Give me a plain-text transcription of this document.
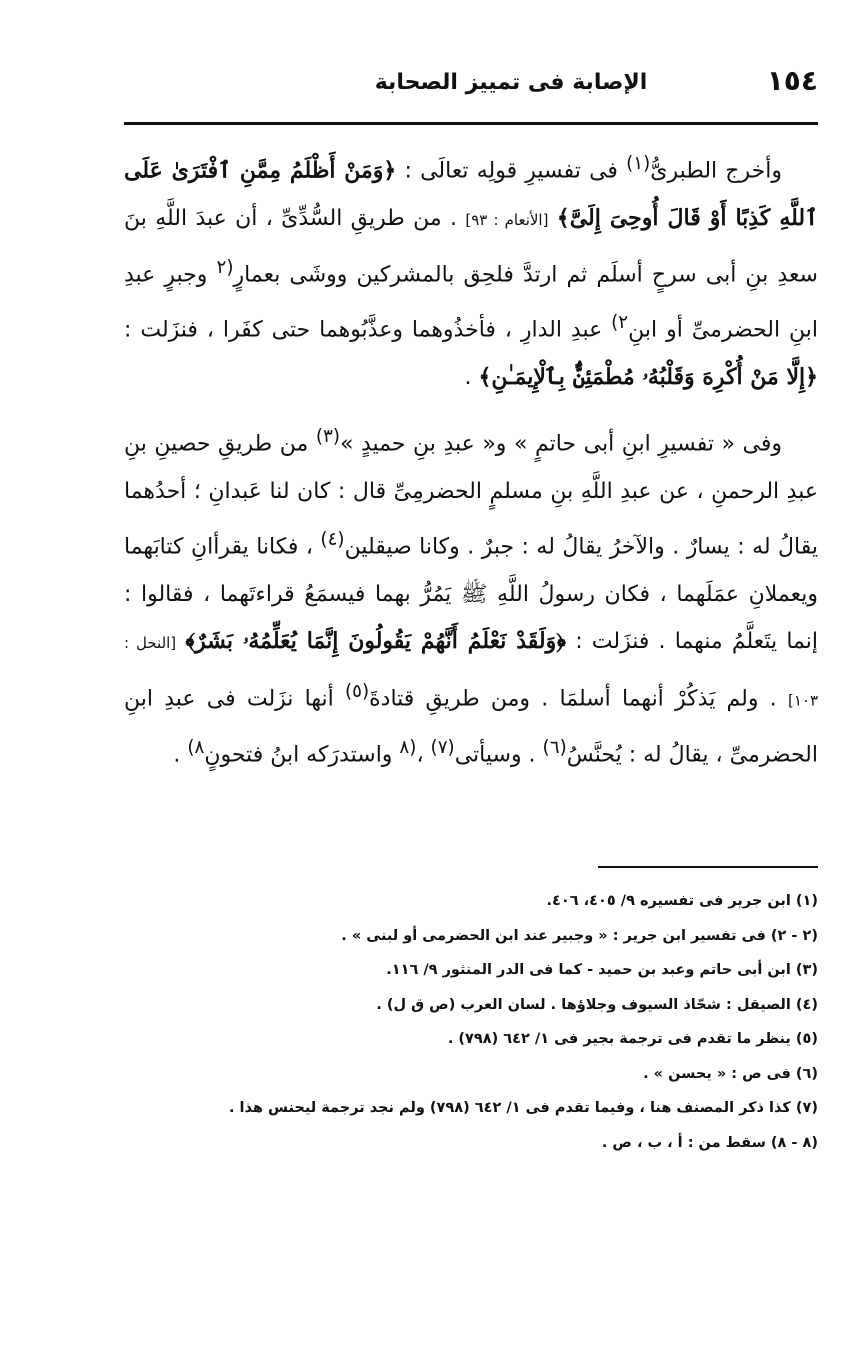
١٥٤
الإصابة فى تمييز الصحابة

وأخرج الطبرىُّ$^{(١)}$ فى تفسيرِ قولِه تعالَى : ﴿وَمَنْ أَظْلَمُ مِمَّنِ ٱفْتَرَىٰ عَلَى ٱللَّهِ كَذِبًا أَوْ قَالَ أُوحِىَ إِلَىَّ﴾ [الأنعام : ٩٣] . من طريقِ السُّدِّىِّ ، أن عبدَ اللَّهِ بنَ سعدِ بنِ أبى سرحٍ أسلَم ثم ارتدَّ فلحِق بالمشركين ووشَى بعمارٍ$^{(٢}$ وجبرٍ عبدِ ابنِ الحضرمىِّ أو ابنِ$^{٢)}$ عبدِ الدارِ ، فأخذُوهما وعذَّبُوهما حتى كفَرا ، فنزَلت : ﴿إِلَّا مَنْ أُكْرِهَ وَقَلْبُهُۥ مُطْمَئِنٌّۢ بِٱلْإِيمَـٰنِ﴾ .

وفى « تفسيرِ ابنِ أبى حاتمٍ » و« عبدِ بنِ حميدٍ »$^{(٣)}$ من طريقِ حصينِ بنِ عبدِ الرحمنِ ، عن عبدِ اللَّهِ بنِ مسلمٍ الحضرمِىِّ قال : كان لنا عَبدانِ ؛ أحدُهما يقالُ له : يسارٌ . والآخرُ يقالُ له : جبرٌ . وكانا صيقلين$^{(٤)}$ ، فكانا يقرأانِ كتابَهما ويعملانِ عمَلَهما ، فكان رسولُ اللَّهِ ﷺ يَمُرُّ بهما فيسمَعُ قراءتَهما ، فقالوا : إنما يتَعلَّمُ منهما . فنزَلت : ﴿وَلَقَدْ نَعْلَمُ أَنَّهُمْ يَقُولُونَ إِنَّمَا يُعَلِّمُهُۥ بَشَرٌ﴾ [النحل : ١٠٣] . ولم يَذكُرْ أنهما أسلمَا . ومن طريقِ قتادةَ$^{(٥)}$ أنها نزَلت فى عبدِ ابنِ الحضرمىِّ ، يقالُ له : يُحنَّسُ$^{(٦)}$ . وسيأتى$^{(٧)}$ ،$^{(٨}$ واستدرَكه ابنُ فتحونٍ$^{٨)}$ .

(١) ابن جرير فى تفسيره ٩/ ٤٠٥، ٤٠٦.
(٢ - ٢) فى تفسير ابن جرير : « وجبير عند ابن الحضرمى أو لبنى » .
(٣) ابن أبى حاتم وعبد بن حميد - كما فى الدر المنثور ٩/ ١١٦.
(٤) الصيقل : شحّاذ السيوف وجلاؤها . لسان العرب (ص ق ل) .
(٥) ينظر ما تقدم فى ترجمة بجير فى ١/ ٦٤٢ (٧٩٨) .
(٦) فى ص : « يحسن » .
(٧) كذا ذكر المصنف هنا ، وفيما تقدم فى ١/ ٦٤٢ (٧٩٨) ولم نجد ترجمة ليحنس هذا .
(٨ - ٨) سقط من : أ ، ب ، ص .
